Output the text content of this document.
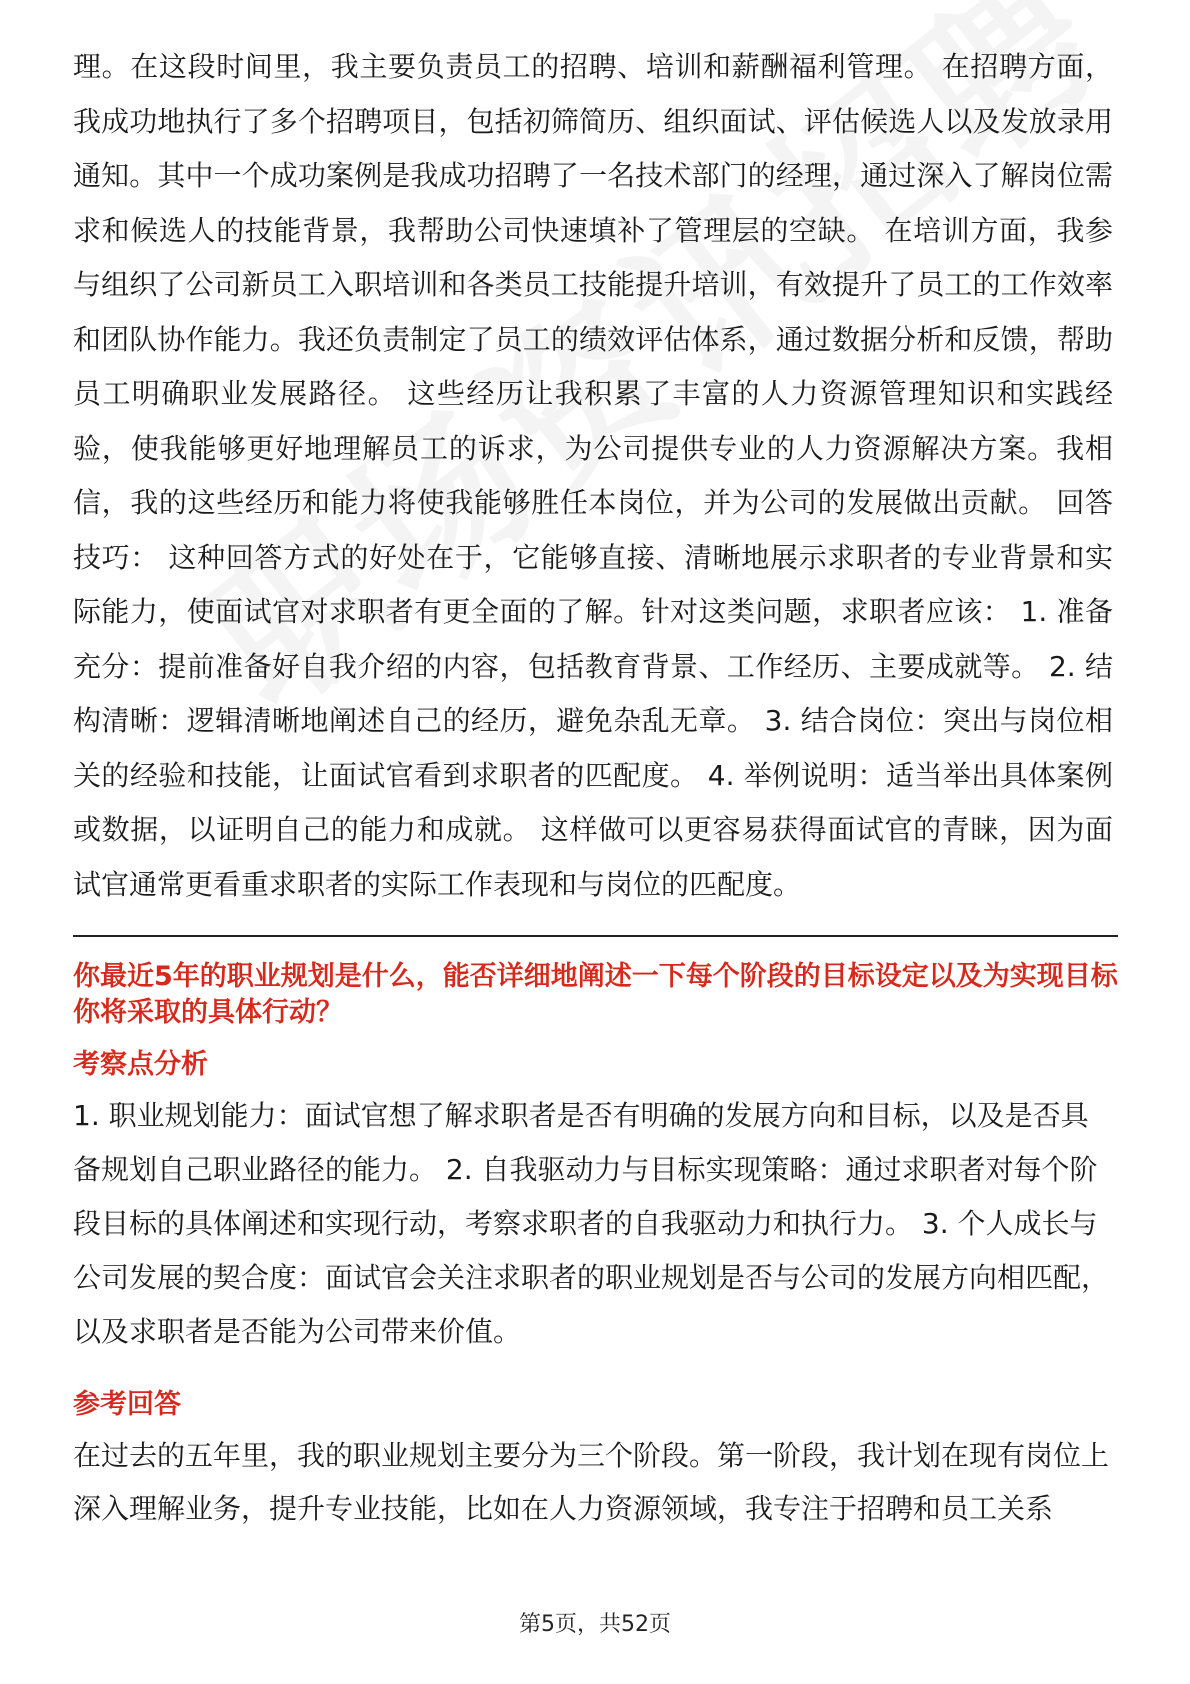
理。在这段时间里，我主要负责员工的招聘、培训和薪酬福利管理。 在招聘方面，我成功地执行了多个招聘项目，包括初筛简历、组织面试、评估候选人以及发放录用通知。其中一个成功案例是我成功招聘了一名技术部门的经理，通过深入了解岗位需求和候选人的技能背景，我帮助公司快速填补了管理层的空缺。 在培训方面，我参与组织了公司新员工入职培训和各类员工技能提升培训，有效提升了员工的工作效率和团队协作能力。我还负责制定了员工的绩效评估体系，通过数据分析和反馈，帮助员工明确职业发展路径。 这些经历让我积累了丰富的人力资源管理知识和实践经验，使我能够更好地理解员工的诉求，为公司提供专业的人力资源解决方案。我相信，我的这些经历和能力将使我能够胜任本岗位，并为公司的发展做出贡献。 回答技巧： 这种回答方式的好处在于，它能够直接、清晰地展示求职者的专业背景和实际能力，使面试官对求职者有更全面的了解。针对这类问题，求职者应该： 1. 准备充分：提前准备好自我介绍的内容，包括教育背景、工作经历、主要成就等。 2. 结构清晰：逻辑清晰地阐述自己的经历，避免杂乱无章。 3. 结合岗位：突出与岗位相关的经验和技能，让面试官看到求职者的匹配度。 4. 举例说明：适当举出具体案例或数据，以证明自己的能力和成就。 这样做可以更容易获得面试官的青睐，因为面试官通常更看重求职者的实际工作表现和与岗位的匹配度。

你最近5年的职业规划是什么，能否详细地阐述一下每个阶段的目标设定以及为实现目标你将采取的具体行动？
考察点分析

1. 职业规划能力：面试官想了解求职者是否有明确的发展方向和目标，以及是否具备规划自己职业路径的能力。 2. 自我驱动力与目标实现策略：通过求职者对每个阶段目标的具体阐述和实现行动，考察求职者的自我驱动力和执行力。 3. 个人成长与公司发展的契合度：面试官会关注求职者的职业规划是否与公司的发展方向相匹配，以及求职者是否能为公司带来价值。

参考回答

在过去的五年里，我的职业规划主要分为三个阶段。第一阶段，我计划在现有岗位上深入理解业务，提升专业技能，比如在人力资源领域，我专注于招聘和员工关系

第5页，共52页
